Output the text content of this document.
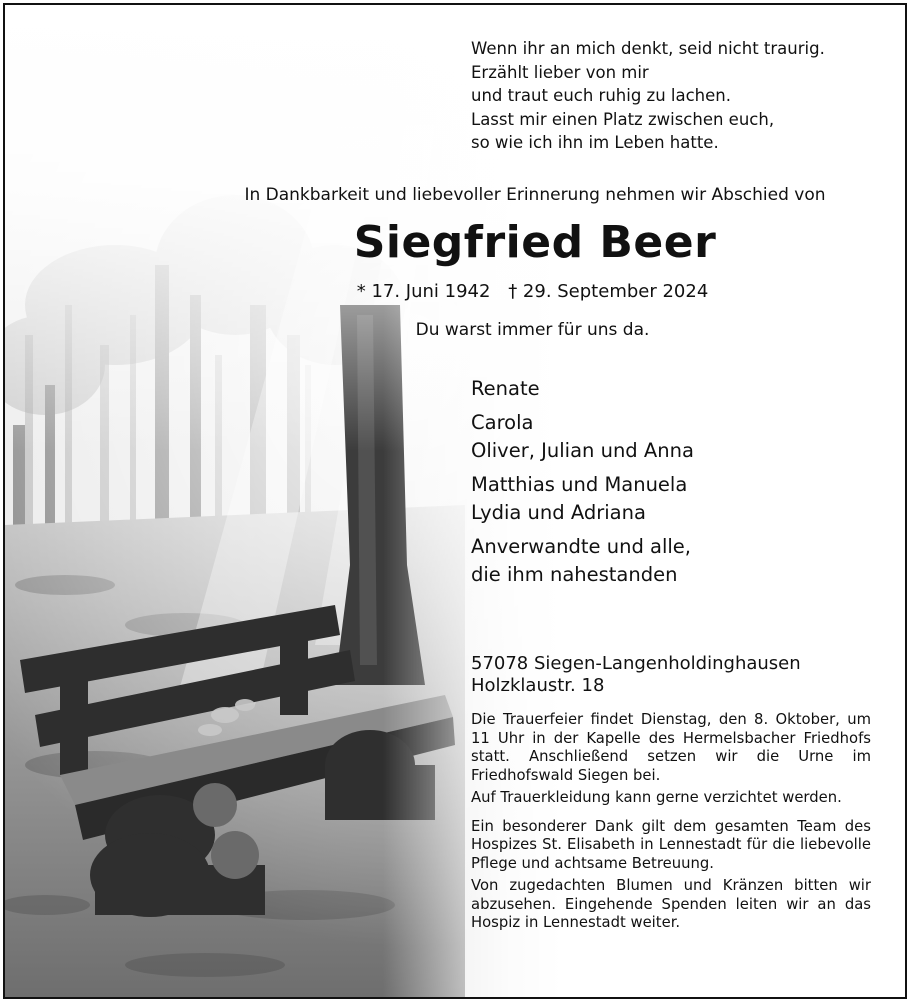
Wenn ihr an mich denkt, seid nicht traurig.
Erzählt lieber von mir
und traut euch ruhig zu lachen.
Lasst mir einen Platz zwischen euch,
so wie ich ihn im Leben hatte.
In Dankbarkeit und liebevoller Erinnerung nehmen wir Abschied von
Siegfried Beer
* 17. Juni 1942 † 29. September 2024
Du warst immer für uns da.
Renate
Carola
Oliver, Julian und Anna
Matthias und Manuela
Lydia und Adriana
Anverwandte und alle,
die ihm nahestanden
57078 Siegen-Langenholdinghausen
Holzklaustr. 18

Die Trauerfeier findet Dienstag, den 8. Oktober, um 11 Uhr in der Kapelle des Hermelsbacher Friedhofs statt. Anschließend setzen wir die Urne im Friedhofswald Siegen bei.

Auf Trauerkleidung kann gerne verzichtet werden.

Ein besonderer Dank gilt dem gesamten Team des Hospizes St. Elisabeth in Lennestadt für die liebevolle Pflege und achtsame Betreuung.

Von zugedachten Blumen und Kränzen bitten wir abzusehen. Eingehende Spenden leiten wir an das Hospiz in Lennestadt weiter.
